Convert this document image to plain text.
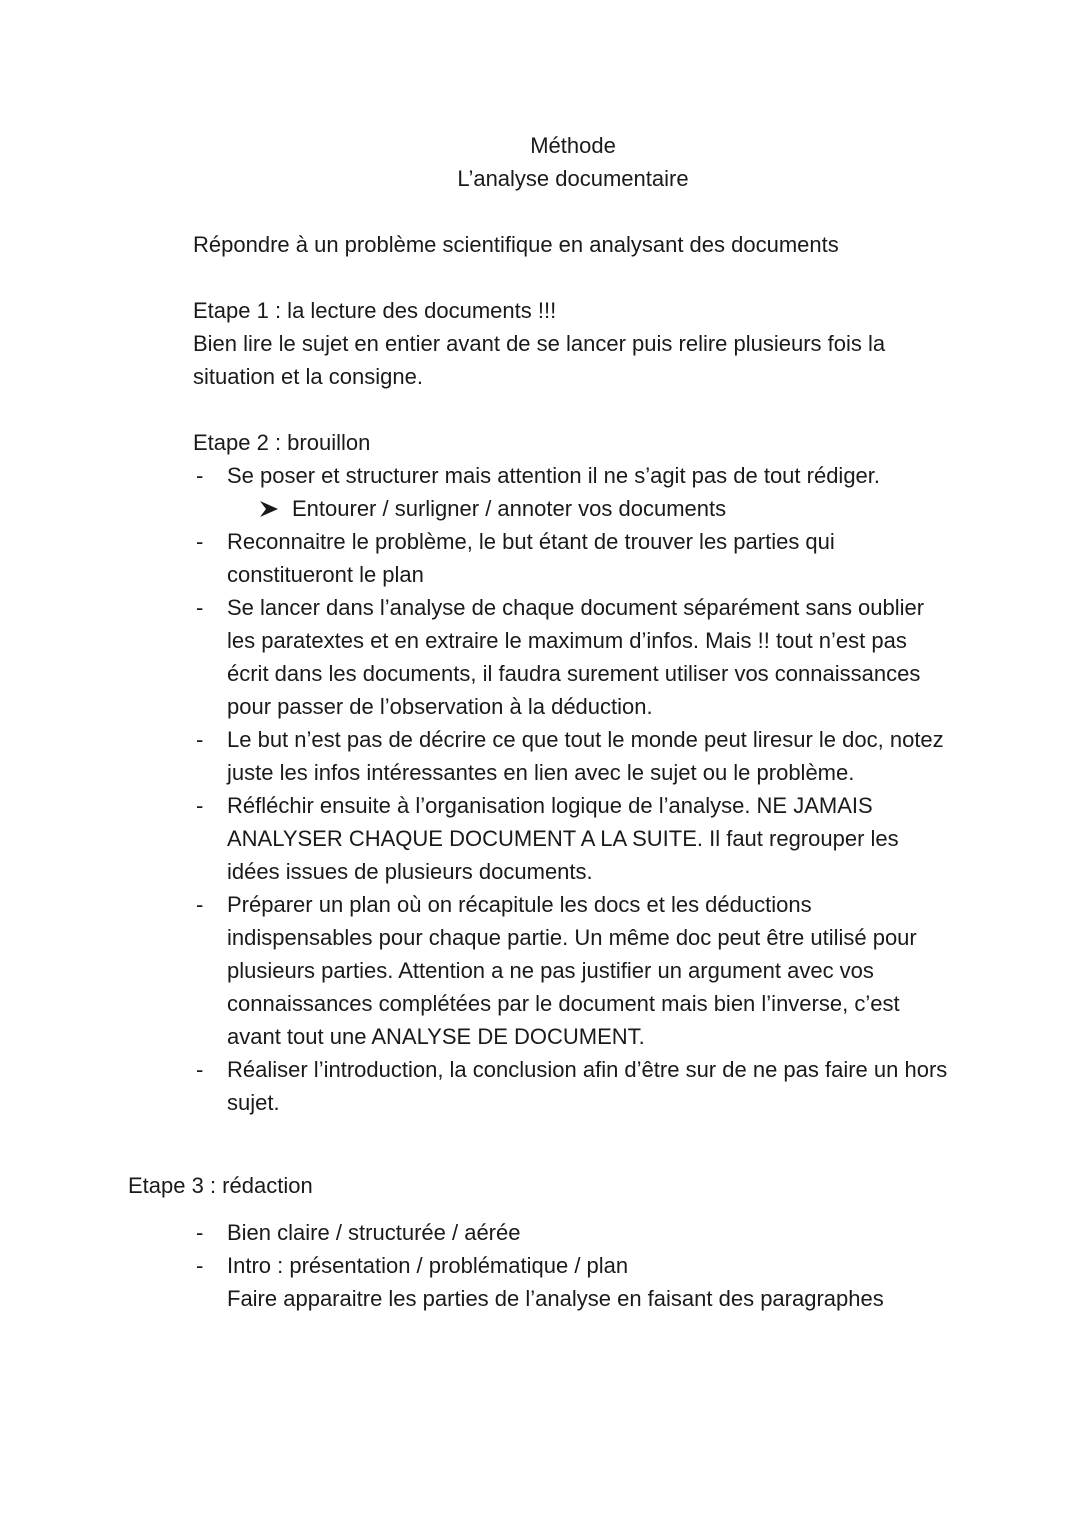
Méthode
L’analyse documentaire

Répondre à un problème scientifique en analysant des documents

Etape 1 : la lecture des documents !!!

Bien lire le sujet en entier avant de se lancer puis relire plusieurs fois la situation et la consigne.

Etape 2 : brouillon

- Se poser et structurer mais attention il ne s’agit pas de tout rédiger.
Entourer / surligner / annoter vos documents
- Reconnaitre le problème, le but étant de trouver les parties qui constitueront le plan
- Se lancer dans l’analyse de chaque document séparément sans oublier les paratextes et en extraire le maximum d’infos. Mais !! tout n’est pas écrit dans les documents, il faudra surement utiliser vos connaissances pour passer de l’observation à la déduction.
- Le but n’est pas de décrire ce que tout le monde peut liresur le doc, notez juste les infos intéressantes en lien avec le sujet ou le problème.
- Réfléchir ensuite à l’organisation logique de l’analyse. NE JAMAIS ANALYSER CHAQUE DOCUMENT A LA SUITE. Il faut regrouper les idées issues de plusieurs documents.
- Préparer un plan où on récapitule les docs et les déductions indispensables pour chaque partie. Un même doc peut être utilisé pour plusieurs parties. Attention a ne pas justifier un argument avec vos connaissances complétées par le document mais bien l’inverse, c’est avant tout une ANALYSE DE DOCUMENT.
- Réaliser l’introduction, la conclusion afin d’être sur de ne pas faire un hors sujet.

Etape 3 : rédaction

- Bien claire / structurée / aérée
- Intro : présentation / problématique / plan
Faire apparaitre les parties de l’analyse en faisant des paragraphes
